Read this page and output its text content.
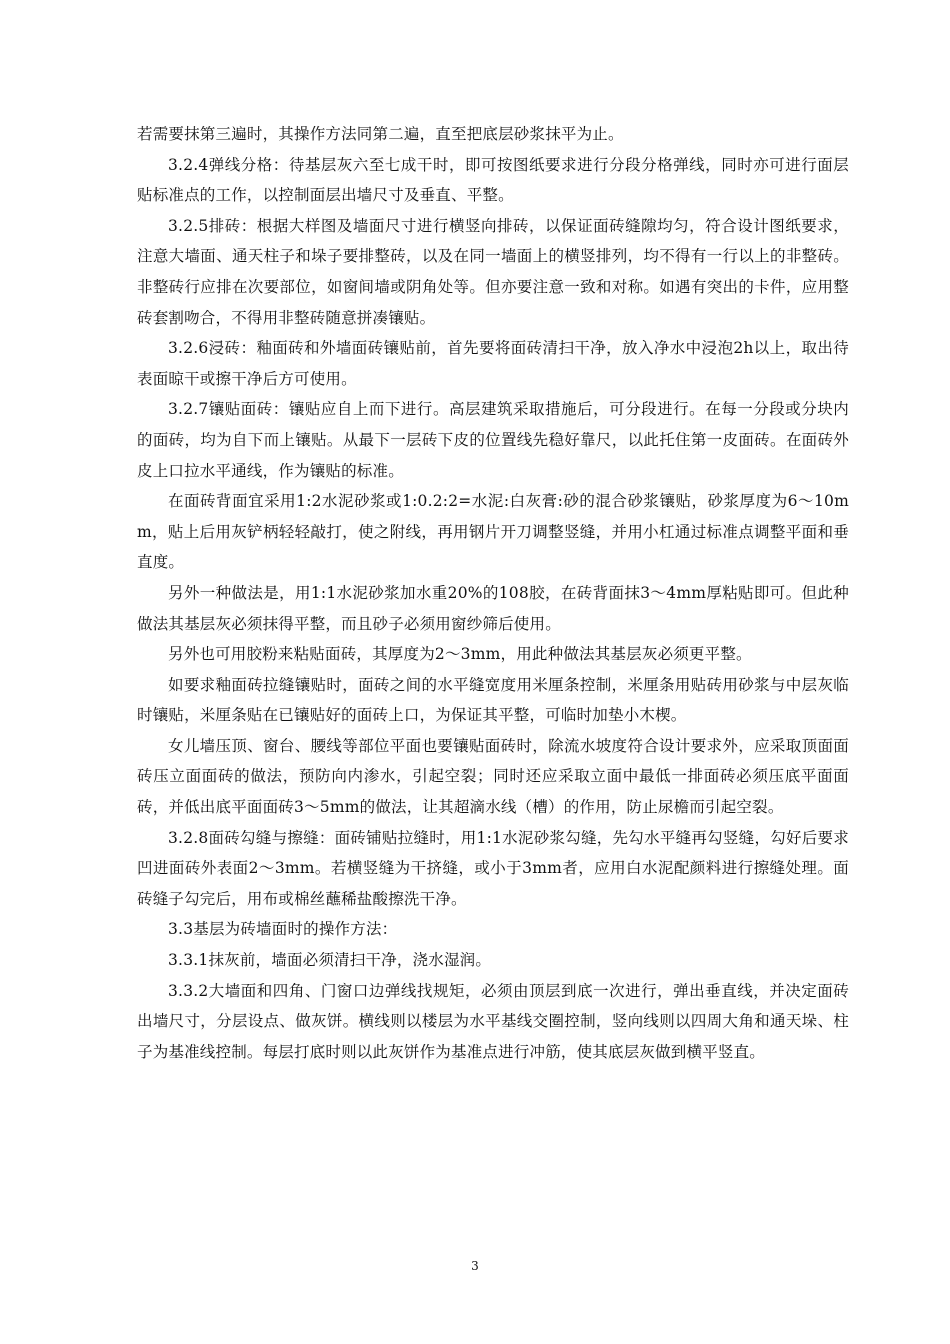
若需要抹第三遍时，其操作方法同第二遍，直至把底层砂浆抹平为止。

3.2.4弹线分格：待基层灰六至七成干时，即可按图纸要求进行分段分格弹线，同时亦可进行面层贴标准点的工作，以控制面层出墙尺寸及垂直、平整。

3.2.5排砖：根据大样图及墙面尺寸进行横竖向排砖，以保证面砖缝隙均匀，符合设计图纸要求，注意大墙面、通天柱子和垛子要排整砖，以及在同一墙面上的横竖排列，均不得有一行以上的非整砖。非整砖行应排在次要部位，如窗间墙或阴角处等。但亦要注意一致和对称。如遇有突出的卡件，应用整砖套割吻合，不得用非整砖随意拼凑镶贴。

3.2.6浸砖：釉面砖和外墙面砖镶贴前，首先要将面砖清扫干净，放入净水中浸泡2h以上，取出待表面晾干或擦干净后方可使用。

3.2.7镶贴面砖：镶贴应自上而下进行。高层建筑采取措施后，可分段进行。在每一分段或分块内的面砖，均为自下而上镶贴。从最下一层砖下皮的位置线先稳好靠尺，以此托住第一皮面砖。在面砖外皮上口拉水平通线，作为镶贴的标准。

在面砖背面宜采用1:2水泥砂浆或1:0.2:2=水泥:白灰膏:砂的混合砂浆镶贴，砂浆厚度为6～10mm，贴上后用灰铲柄轻轻敲打，使之附线，再用钢片开刀调整竖缝，并用小杠通过标准点调整平面和垂直度。

另外一种做法是，用1:1水泥砂浆加水重20%的108胶，在砖背面抹3～4mm厚粘贴即可。但此种做法其基层灰必须抹得平整，而且砂子必须用窗纱筛后使用。

另外也可用胶粉来粘贴面砖，其厚度为2～3mm，用此种做法其基层灰必须更平整。

如要求釉面砖拉缝镶贴时，面砖之间的水平缝宽度用米厘条控制，米厘条用贴砖用砂浆与中层灰临时镶贴，米厘条贴在已镶贴好的面砖上口，为保证其平整，可临时加垫小木楔。

女儿墙压顶、窗台、腰线等部位平面也要镶贴面砖时，除流水坡度符合设计要求外，应采取顶面面砖压立面面砖的做法，预防向内渗水，引起空裂；同时还应采取立面中最低一排面砖必须压底平面面砖，并低出底平面面砖3～5mm的做法，让其超滴水线（槽）的作用，防止尿檐而引起空裂。

3.2.8面砖勾缝与擦缝：面砖铺贴拉缝时，用1:1水泥砂浆勾缝，先勾水平缝再勾竖缝，勾好后要求凹进面砖外表面2～3mm。若横竖缝为干挤缝，或小于3mm者，应用白水泥配颜料进行擦缝处理。面砖缝子勾完后，用布或棉丝蘸稀盐酸擦洗干净。

3.3基层为砖墙面时的操作方法：

3.3.1抹灰前，墙面必须清扫干净，浇水湿润。

3.3.2大墙面和四角、门窗口边弹线找规矩，必须由顶层到底一次进行，弹出垂直线，并决定面砖出墙尺寸，分层设点、做灰饼。横线则以楼层为水平基线交圈控制，竖向线则以四周大角和通天垛、柱子为基准线控制。每层打底时则以此灰饼作为基准点进行冲筋，使其底层灰做到横平竖直。

3
